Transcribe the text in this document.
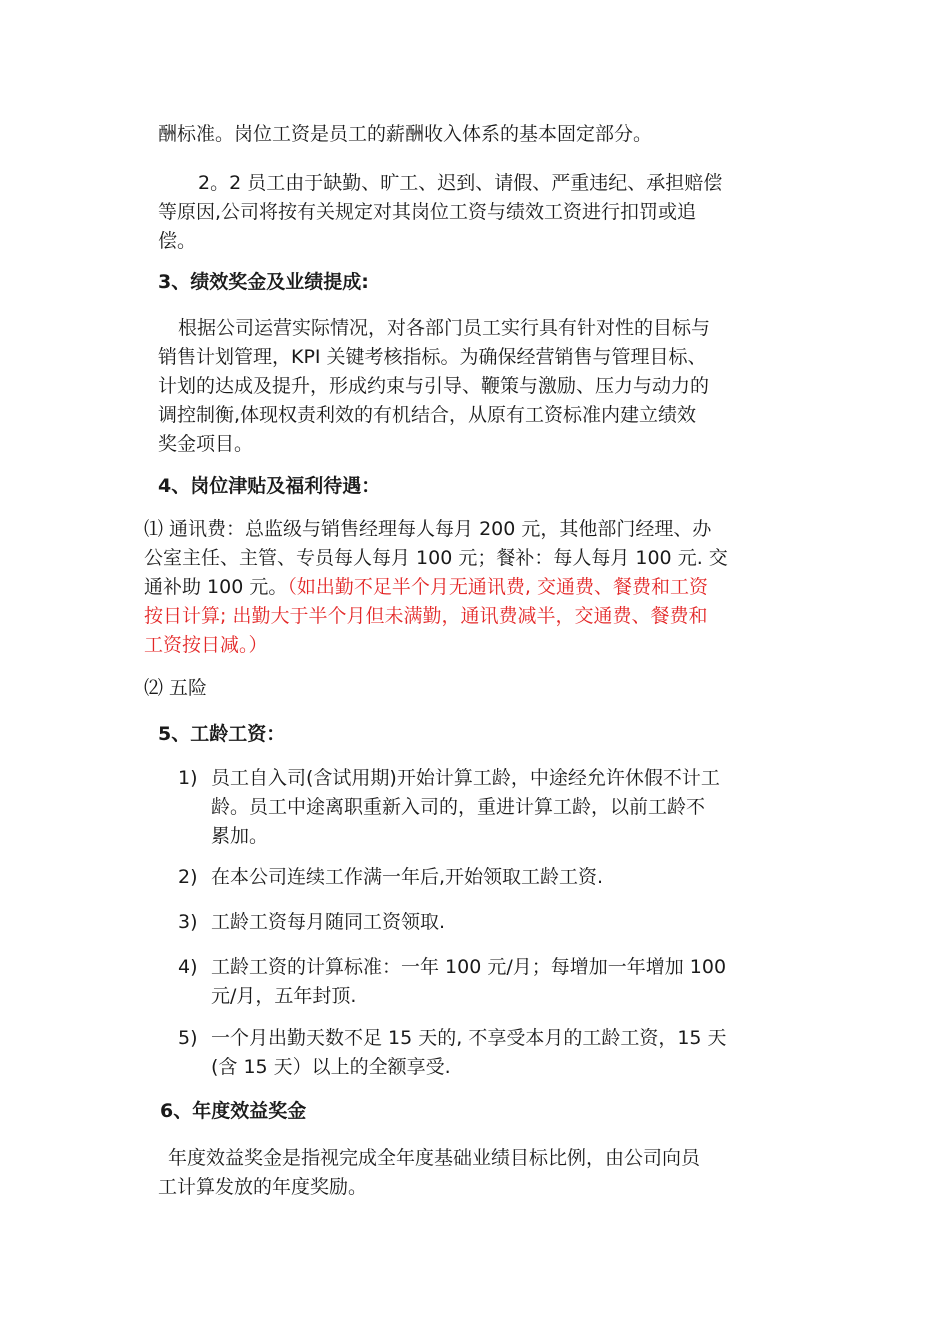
酬标准。岗位工资是员工的薪酬收入体系的基本固定部分。

2。2 员工由于缺勤、旷工、迟到、请假、严重违纪、承担赔偿
等原因,公司将按有关规定对其岗位工资与绩效工资进行扣罚或追
偿。

3、绩效奖金及业绩提成:

根据公司运营实际情况，对各部门员工实行具有针对性的目标与
销售计划管理，KPI 关键考核指标。为确保经营销售与管理目标、
计划的达成及提升，形成约束与引导、鞭策与激励、压力与动力的
调控制衡,体现权责利效的有机结合，从原有工资标准内建立绩效
奖金项目。

4、岗位津贴及福利待遇：

⑴ 通讯费：总监级与销售经理每人每月 200 元，其他部门经理、办
公室主任、主管、专员每人每月 100 元；餐补：每人每月 100 元. 交
通补助 100 元。（如出勤不足半个月无通讯费, 交通费、餐费和工资
按日计算; 出勤大于半个月但未满勤，通讯费减半，交通费、餐费和
工资按日减。）

⑵ 五险

5、工龄工资：
1) 员工自入司(含试用期)开始计算工龄，中途经允许休假不计工
龄。员工中途离职重新入司的，重进计算工龄，以前工龄不
累加。
2) 在本公司连续工作满一年后,开始领取工龄工资.
3) 工龄工资每月随同工资领取.
4) 工龄工资的计算标准：一年 100 元/月；每增加一年增加 100
元/月，五年封顶.
5) 一个月出勤天数不足 15 天的, 不享受本月的工龄工资，15 天
(含 15 天）以上的全额享受.
6、年度效益奖金

年度效益奖金是指视完成全年度基础业绩目标比例，由公司向员
工计算发放的年度奖励。
